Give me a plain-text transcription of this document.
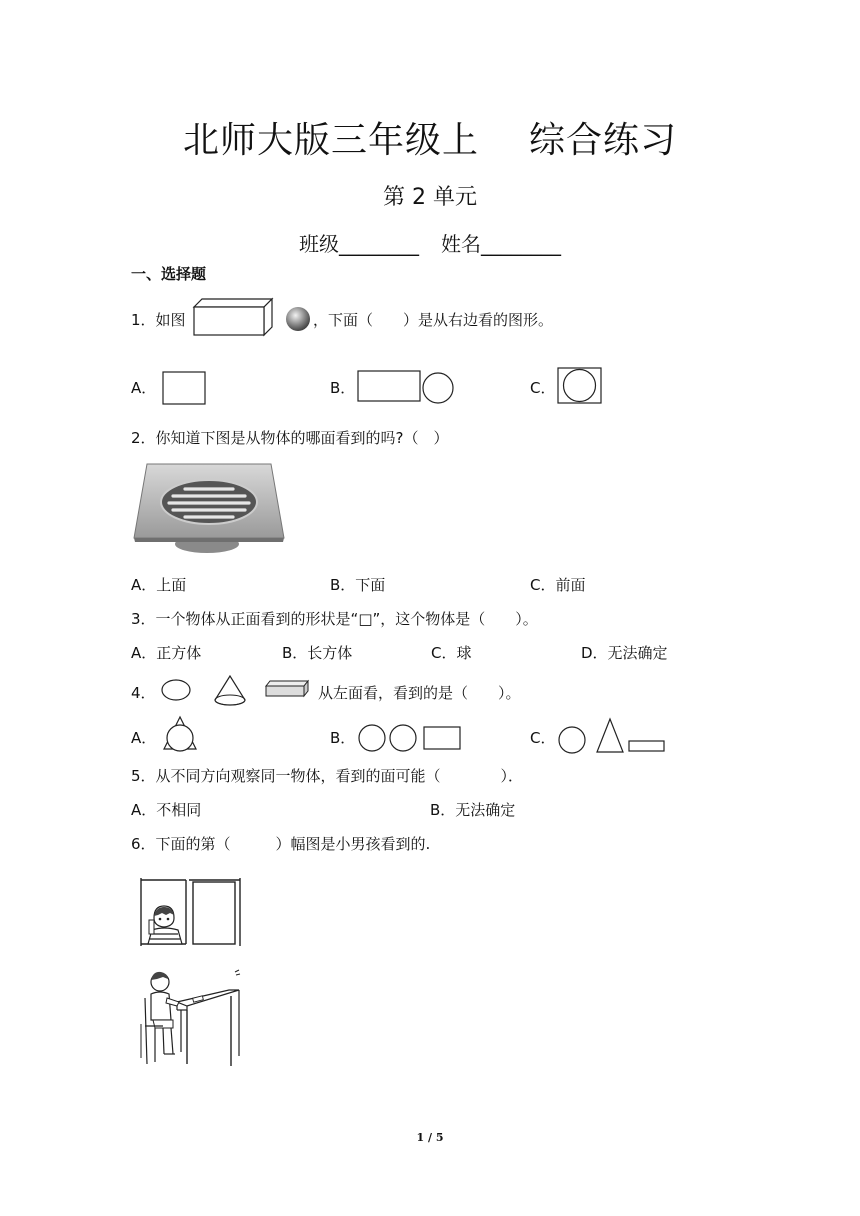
北师大版三年级上 综合练习
第 2 单元
班级________ 姓名________
一、选择题
1．如图	，下面（　　）是从右边看的图形。
A．	B．	C．
2．你知道下图是从物体的哪面看到的吗?（　）
A．上面	B．下面	C．前面
3．一个物体从正面看到的形状是“□”，这个物体是（　　）。
A．正方体	B．长方体	C．球	D．无法确定
4．	从左面看，看到的是（　　）。
A．	B．	C．
5．从不同方向观察同一物体，看到的面可能（　　　　）．
A．不相同	B．无法确定
6．下面的第（　　　）幅图是小男孩看到的.
1 / 5
